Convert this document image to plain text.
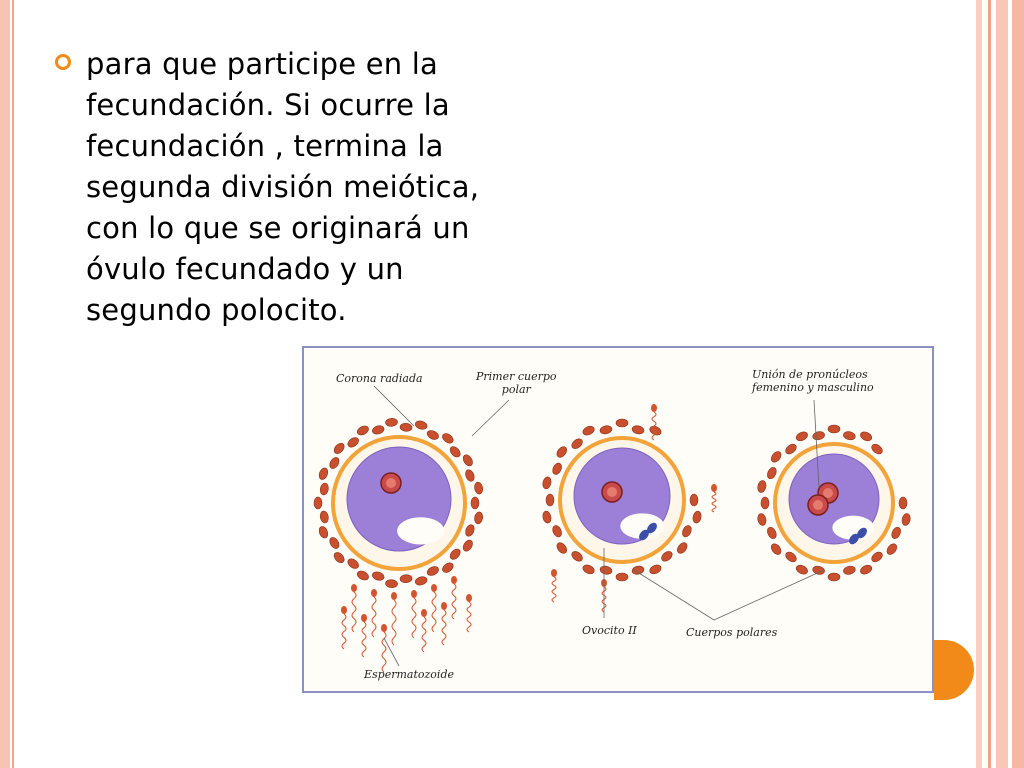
para que participe en la
fecundación. Si ocurre la
fecundación , termina la
segunda división meiótica,
con lo que se originará un
óvulo fecundado y un
segundo polocito.
Corona radiada	Primer cuerpo
polar
Unión de pronúcleos
femenino y masculino
Ovocito II	Cuerpos polares
Espermatozoide
